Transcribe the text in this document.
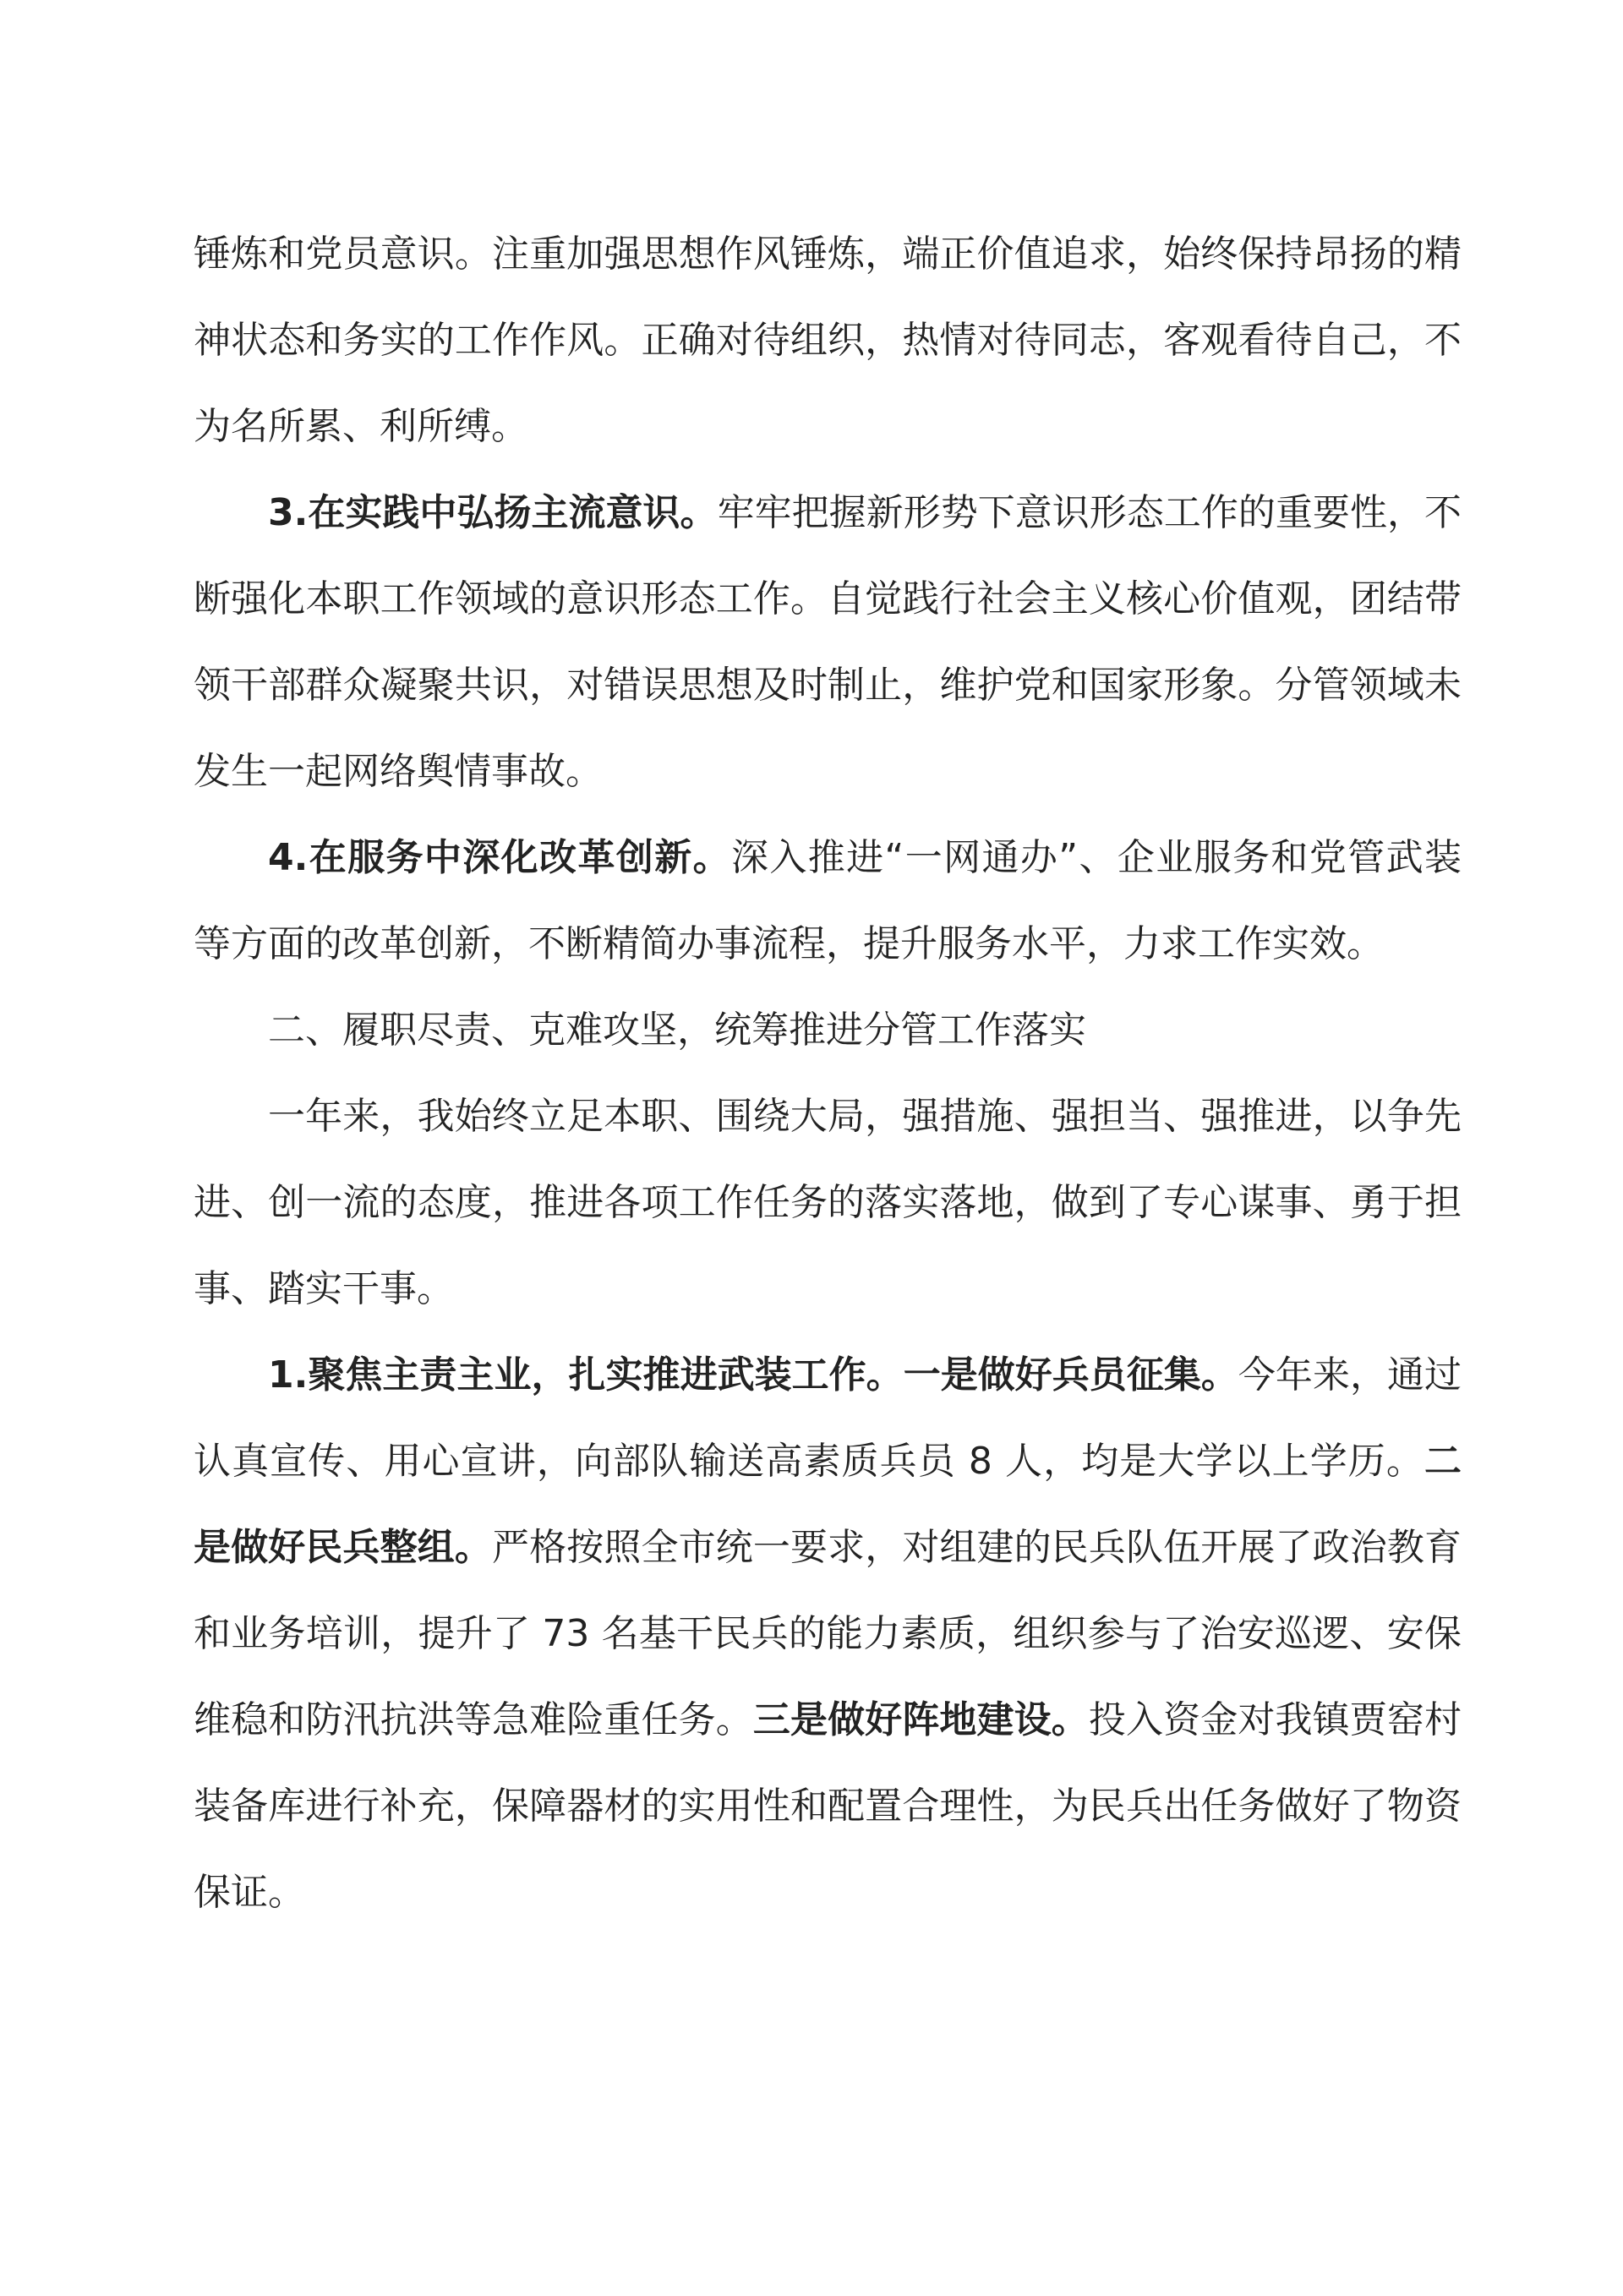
锤炼和党员意识。注重加强思想作风锤炼，端正价值追求，始终保持昂扬的精神状态和务实的工作作风。正确对待组织，热情对待同志，客观看待自己，不为名所累、利所缚。

3.在实践中弘扬主流意识。牢牢把握新形势下意识形态工作的重要性，不断强化本职工作领域的意识形态工作。自觉践行社会主义核心价值观，团结带领干部群众凝聚共识，对错误思想及时制止，维护党和国家形象。分管领域未发生一起网络舆情事故。

4.在服务中深化改革创新。深入推进“一网通办”、企业服务和党管武装等方面的改革创新，不断精简办事流程，提升服务水平，力求工作实效。

二、履职尽责、克难攻坚，统筹推进分管工作落实

一年来，我始终立足本职、围绕大局，强措施、强担当、强推进，以争先进、创一流的态度，推进各项工作任务的落实落地，做到了专心谋事、勇于担事、踏实干事。

1.聚焦主责主业，扎实推进武装工作。一是做好兵员征集。今年来，通过认真宣传、用心宣讲，向部队输送高素质兵员 8 人，均是大学以上学历。二是做好民兵整组。严格按照全市统一要求，对组建的民兵队伍开展了政治教育和业务培训，提升了 73 名基干民兵的能力素质，组织参与了治安巡逻、安保维稳和防汛抗洪等急难险重任务。三是做好阵地建设。投入资金对我镇贾窑村装备库进行补充，保障器材的实用性和配置合理性，为民兵出任务做好了物资保证。
